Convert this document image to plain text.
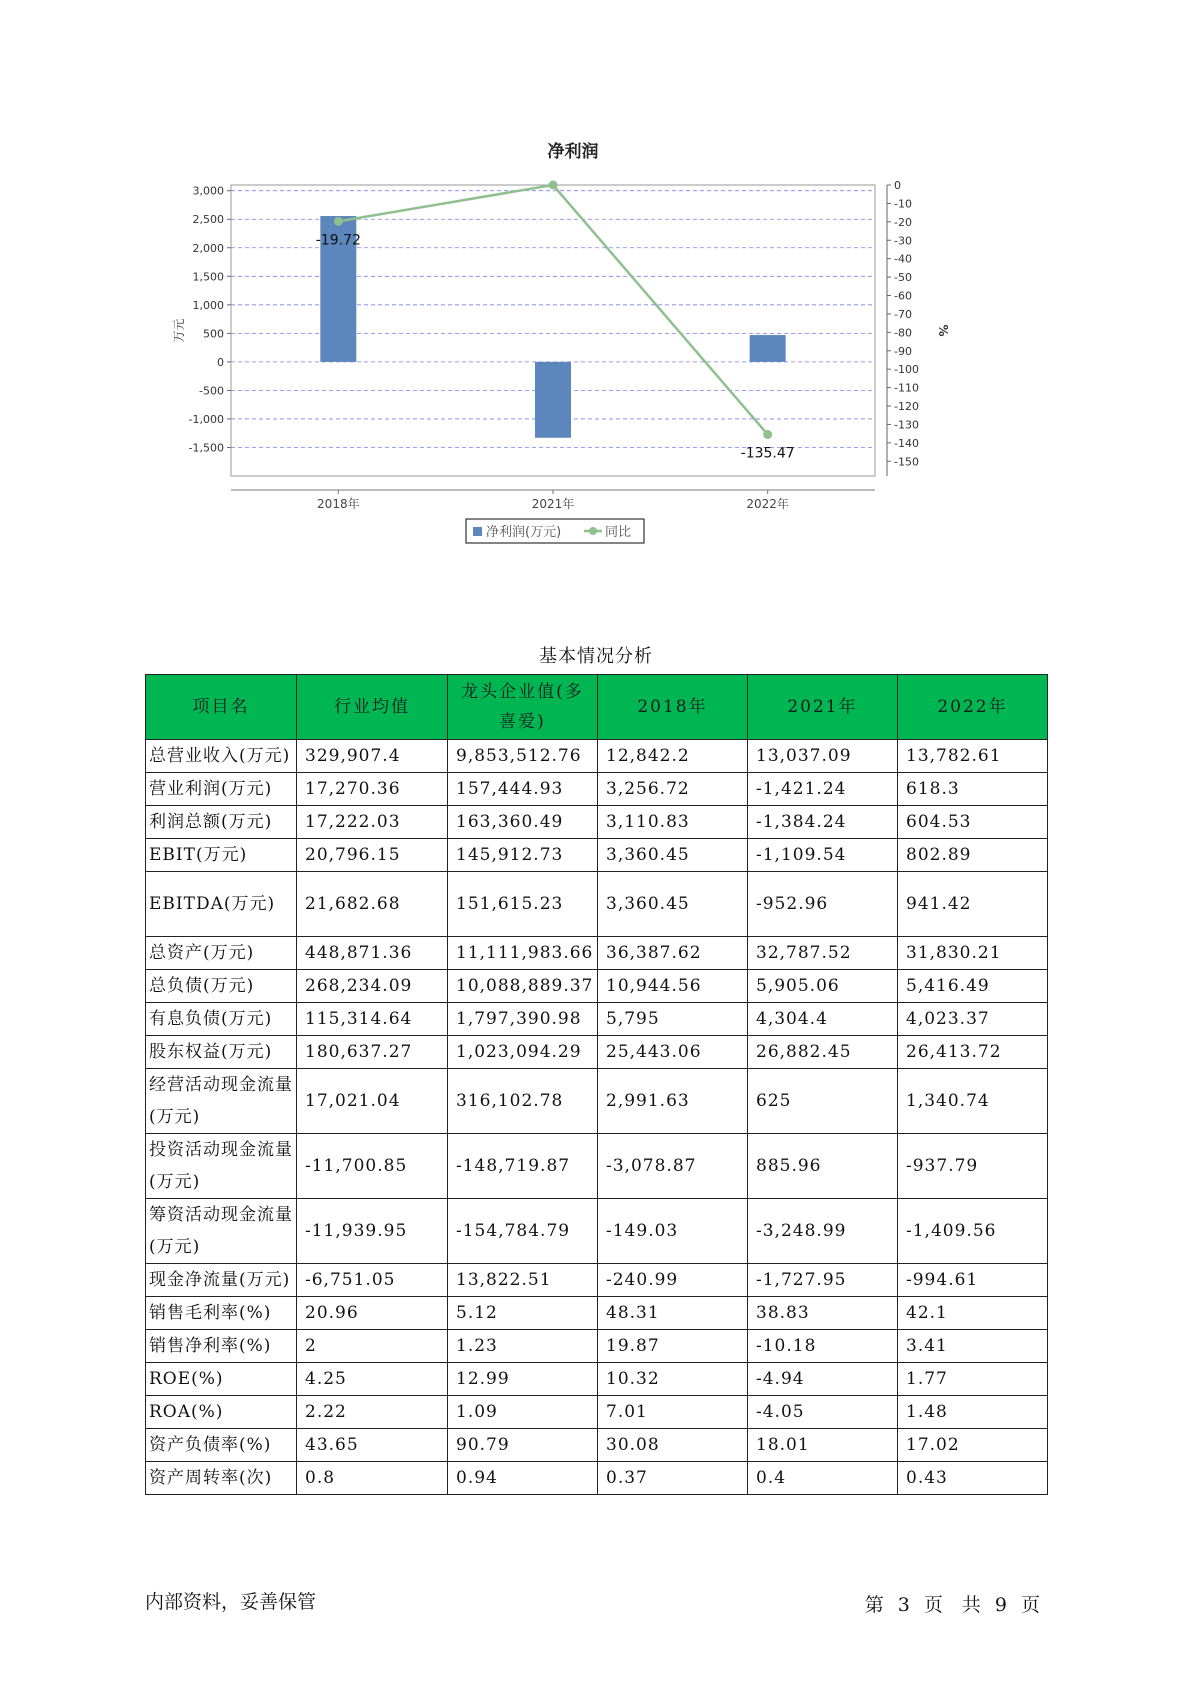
净利润
3,000
2,500
2,000
1,500
1,000
500
0
-500
-1,000
-1,500
0
-10
-20
-30
-40
-50
-60
-70
-80
-90
-100
-110
-120
-130
-140
-150
2018年	2021年	2022年
万元	%
-19.72
-135.47
净利润(万元)	同比
基本情况分析
项目名	行业均值	龙头企业值(多喜爱)	2018年	2021年	2022年
总营业收入(万元)	329,907.4	9,853,512.76	12,842.2	13,037.09	13,782.61
营业利润(万元)	17,270.36	157,444.93	3,256.72	-1,421.24	618.3
利润总额(万元)	17,222.03	163,360.49	3,110.83	-1,384.24	604.53
EBIT(万元)	20,796.15	145,912.73	3,360.45	-1,109.54	802.89
EBITDA(万元)	21,682.68	151,615.23	3,360.45	-952.96	941.42
总资产(万元)	448,871.36	11,111,983.66	36,387.62	32,787.52	31,830.21
总负债(万元)	268,234.09	10,088,889.37	10,944.56	5,905.06	5,416.49
有息负债(万元)	115,314.64	1,797,390.98	5,795	4,304.4	4,023.37
股东权益(万元)	180,637.27	1,023,094.29	25,443.06	26,882.45	26,413.72
经营活动现金流量(万元)	17,021.04	316,102.78	2,991.63	625	1,340.74
投资活动现金流量(万元)	-11,700.85	-148,719.87	-3,078.87	885.96	-937.79
筹资活动现金流量(万元)	-11,939.95	-154,784.79	-149.03	-3,248.99	-1,409.56
现金净流量(万元)	-6,751.05	13,822.51	-240.99	-1,727.95	-994.61
销售毛利率(%)	20.96	5.12	48.31	38.83	42.1
销售净利率(%)	2	1.23	19.87	-10.18	3.41
ROE(%)	4.25	12.99	10.32	-4.94	1.77
ROA(%)	2.22	1.09	7.01	-4.05	1.48
资产负债率(%)	43.65	90.79	30.08	18.01	17.02
资产周转率(次)	0.8	0.94	0.37	0.4	0.43
内部资料，妥善保管	第 3 页　共 9 页
